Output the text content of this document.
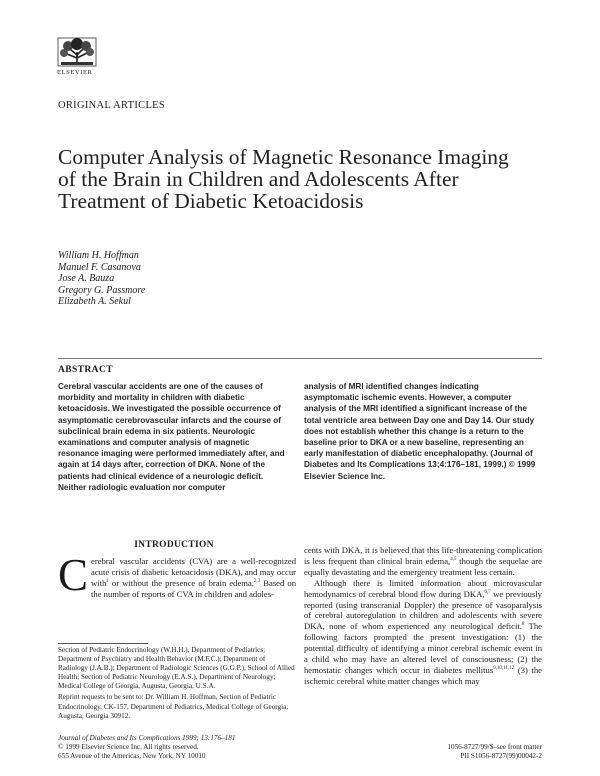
ELSEVIER
ORIGINAL ARTICLES
Computer Analysis of Magnetic Resonance Imaging of the Brain in Children and Adolescents After Treatment of Diabetic Ketoacidosis
William H. Hoffman
Manuel F. Casanova
Jose A. Bauza
Gregory G. Passmore
Elizabeth A. Sekul
ABSTRACT

Cerebral vascular accidents are one of the causes of morbidity and mortality in children with diabetic ketoacidosis. We investigated the possible occurrence of asymptomatic cerebrovascular infarcts and the course of subclinical brain edema in six patients. Neurologic examinations and computer analysis of magnetic resonance imaging were performed immediately after, and again at 14 days after, correction of DKA. None of the patients had clinical evidence of a neurologic deficit. Neither radiologic evaluation nor computer

analysis of MRI identified changes indicating asymptomatic ischemic events. However, a computer analysis of the MRI identified a significant increase of the total ventricle area between Day one and Day 14. Our study does not establish whether this change is a return to the baseline prior to DKA or a new baseline, representing an early manifestation of diabetic encephalopathy. (Journal of Diabetes and Its Complications 13;4:176–181, 1999.) © 1999 Elsevier Science Inc.

INTRODUCTION

Cerebral vascular accidents (CVA) are a well-recognized acute crisis of diabetic ketoacidosis (DKA), and may occur with$^1$ or without the presence of brain edema.$^{2,3}$ Based on the number of reports of CVA in children and adoles-

cents with DKA, it is believed that this life-threatening complication is less frequent than clinical brain edema,$^{4,5}$ though the sequelae are equally devastating and the emergency treatment less certain.

Although there is limited information about microvascular hemodynamics of cerebral blood flow during DKA,$^{6,7}$ we previously reported (using transcranial Doppler) the presence of vasoparalysis of cerebral autoregulation in children and adolescents with severe DKA, none of whom experienced any neurological deficit.$^8$ The following factors prompted the present investigation: (1) the potential difficulty of identifying a minor cerebral ischemic event in a child who may have an altered level of consciousness; (2) the hemostatic changes which occur in diabetes mellitus$^{9,10,11,12}$ (3) the ischemic cerebral white matter changes which may

Section of Pediatric Endocrinology (W.H.H.), Department of Pediatrics; Department of Psychiatry and Health Behavior (M.F.C.); Department of Radiology (J.A.B.); Department of Radiologic Sciences (G.G.P.), School of Allied Health; Section of Pediatric Neurology (E.A.S.), Department of Neurology; Medical College of Georgia, Augusta, Georgia, U.S.A.

Reprint requests to be sent to: Dr. William H. Hoffman, Section of Pediatric Endocrinology, CK-157, Department of Pediatrics, Medical College of Georgia, Augusta, Georgia 30912.

Journal of Diabetes and Its Complications 1999; 13:176–181
© 1999 Elsevier Science Inc. All rights reserved.
655 Avenue of the Americas, New York, NY 10010
1056-8727/99/$–see front matter
PII S1056-8727(99)00042-2
